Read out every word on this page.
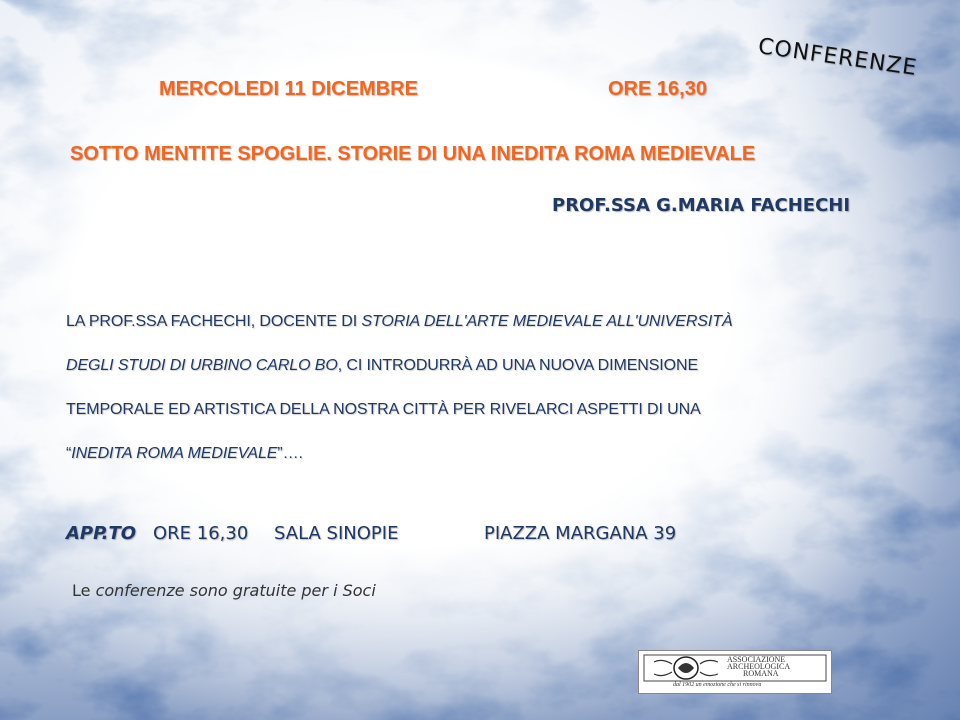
CONFERENZE
MERCOLEDI 11 DICEMBRE	ORE 16,30
SOTTO MENTITE SPOGLIE. STORIE DI UNA INEDITA ROMA MEDIEVALE
PROF.SSA G.MARIA FACHECHI
LA PROF.SSA FACHECHI, DOCENTE DI STORIA DELL'ARTE MEDIEVALE ALL'UNIVERSITÀ
DEGLI STUDI DI URBINO CARLO BO, CI INTRODURRÀ AD UNA NUOVA DIMENSIONE
TEMPORALE ED ARTISTICA DELLA NOSTRA CITTÀ PER RIVELARCI ASPETTI DI UNA
“INEDITA ROMA MEDIEVALE”….
APP.TO ORE 16,30 SALA SINOPIE	PIAZZA MARGANA 39
Le conferenze sono gratuite per i Soci
ASSOCIAZIONE
ARCHEOLOGICA
ROMANA
dal 1902 un emozione che si rinnova
